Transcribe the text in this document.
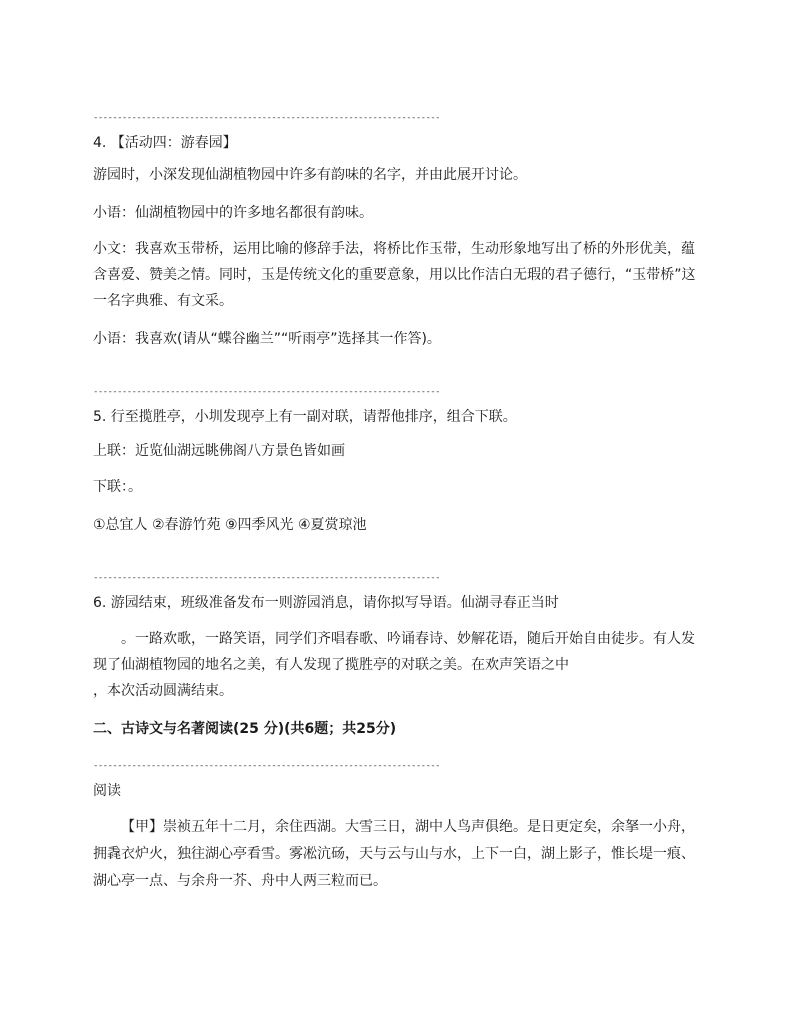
------------------------------------------------------------------------
4. 【活动四：游春园】

游园时，小深发现仙湖植物园中许多有韵味的名字，并由此展开讨论。

小语：仙湖植物园中的许多地名都很有韵味。

小文：我喜欢玉带桥，运用比喻的修辞手法，将桥比作玉带，生动形象地写出了桥的外形优美，蕴含喜爱、赞美之情。同时，玉是传统文化的重要意象，用以比作洁白无瑕的君子德行，“玉带桥”这一名字典雅、有文采。

小语：我喜欢(请从“蝶谷幽兰”“听雨亭”选择其一作答)。

------------------------------------------------------------------------
5. 行至揽胜亭，小圳发现亭上有一副对联，请帮他排序，组合下联。

上联：近览仙湖远眺佛阁八方景色皆如画

下联：。

①总宜人 ②春游竹苑 ⑨四季风光 ④夏赏琼池

------------------------------------------------------------------------
6. 游园结束，班级准备发布一则游园消息，请你拟写导语。仙湖寻春正当时

。一路欢歌，一路笑语，同学们齐唱春歌、吟诵春诗、妙解花语，随后开始自由徒步。有人发现了仙湖植物园的地名之美，有人发现了揽胜亭的对联之美。在欢声笑语之中

，本次活动圆满结束。

二、古诗文与名著阅读(25 分)(共6题；共25分)

------------------------------------------------------------------------
阅读

【甲】崇祯五年十二月，余住西湖。大雪三日，湖中人鸟声俱绝。是日更定矣，余拏一小舟，拥毳衣炉火，独往湖心亭看雪。雾凇沆砀，天与云与山与水，上下一白，湖上影子，惟长堤一痕、湖心亭一点、与余舟一芥、舟中人两三粒而已。
